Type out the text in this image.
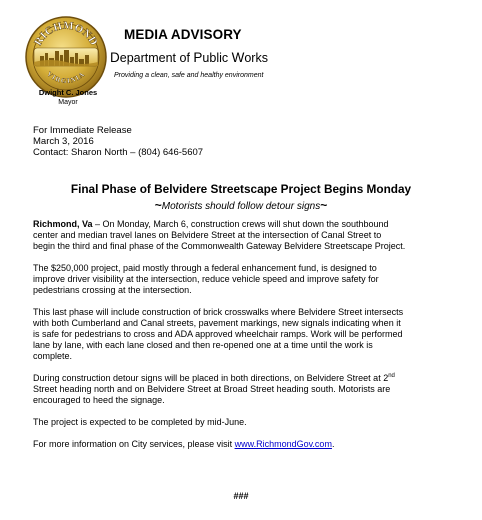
RICHMOND
VIRGINIA
Dwight C. Jones
Mayor
MEDIA ADVISORY
Department of Public Works
Providing a clean, safe and healthy environment
For Immediate Release
March 3, 2016
Contact: Sharon North – (804) 646-5607
Final Phase of Belvidere Streetscape Project Begins Monday
~Motorists should follow detour signs~

Richmond, Va – On Monday, March 6, construction crews will shut down the southbound
center and median travel lanes on Belvidere Street at the intersection of Canal Street to
begin the third and final phase of the Commonwealth Gateway Belvidere Streetscape Project.

The $250,000 project, paid mostly through a federal enhancement fund, is designed to
improve driver visibility at the intersection, reduce vehicle speed and improve safety for
pedestrians crossing at the intersection.

This last phase will include construction of brick crosswalks where Belvidere Street intersects
with both Cumberland and Canal streets, pavement markings, new signals indicating when it
is safe for pedestrians to cross and ADA approved wheelchair ramps. Work will be performed
lane by lane, with each lane closed and then re-opened one at a time until the work is
complete.

During construction detour signs will be placed in both directions, on Belvidere Street at 2nd
Street heading north and on Belvidere Street at Broad Street heading south. Motorists are
encouraged to heed the signage.

The project is expected to be completed by mid-June.

For more information on City services, please visit www.RichmondGov.com.

###
